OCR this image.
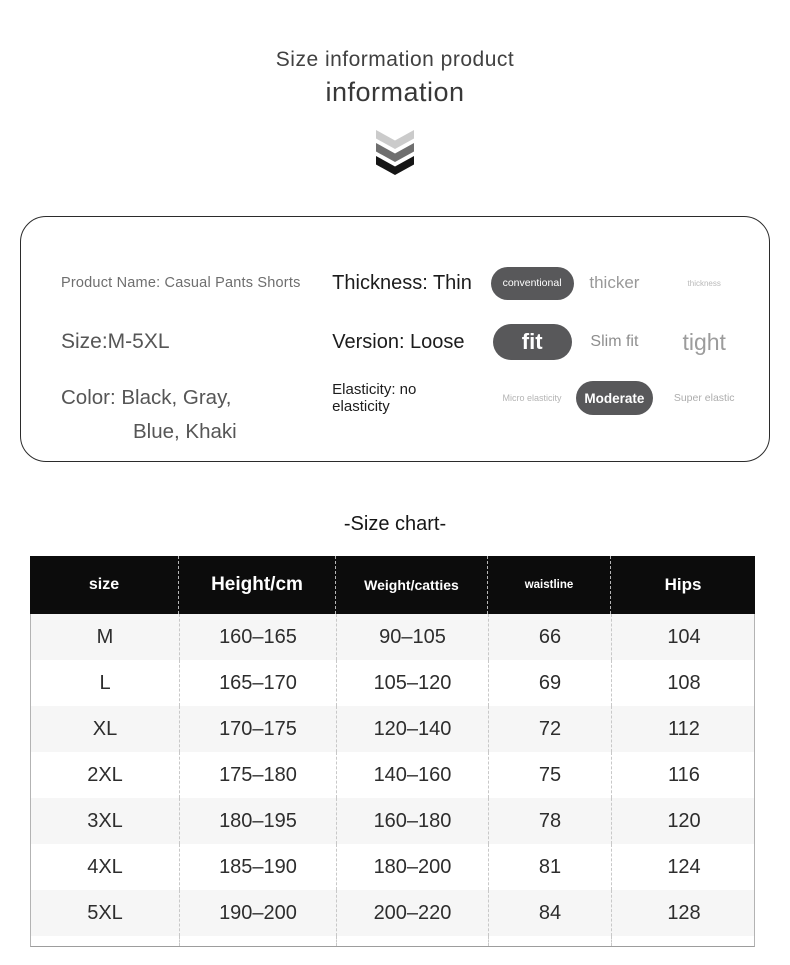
Size information product
information
Product Name: Casual Pants Shorts	Thickness: Thin	conventional	thicker	thickness
Size:M-5XL	Version: Loose	fit	Slim fit tight
Color: Black, Gray,
Blue, Khaki
Elasticity: no elasticity	Micro elasticity	Moderate	Super elastic
-Size chart-
size	Height/cm	Weight/catties	waistline	Hips
M	160–165	90–105	66	104
L	165–170	105–120	69	108
XL	170–175	120–140	72	112
2XL	175–180	140–160	75	116
3XL	180–195	160–180	78	120
4XL	185–190	180–200	81	124
5XL	190–200	200–220	84	128
